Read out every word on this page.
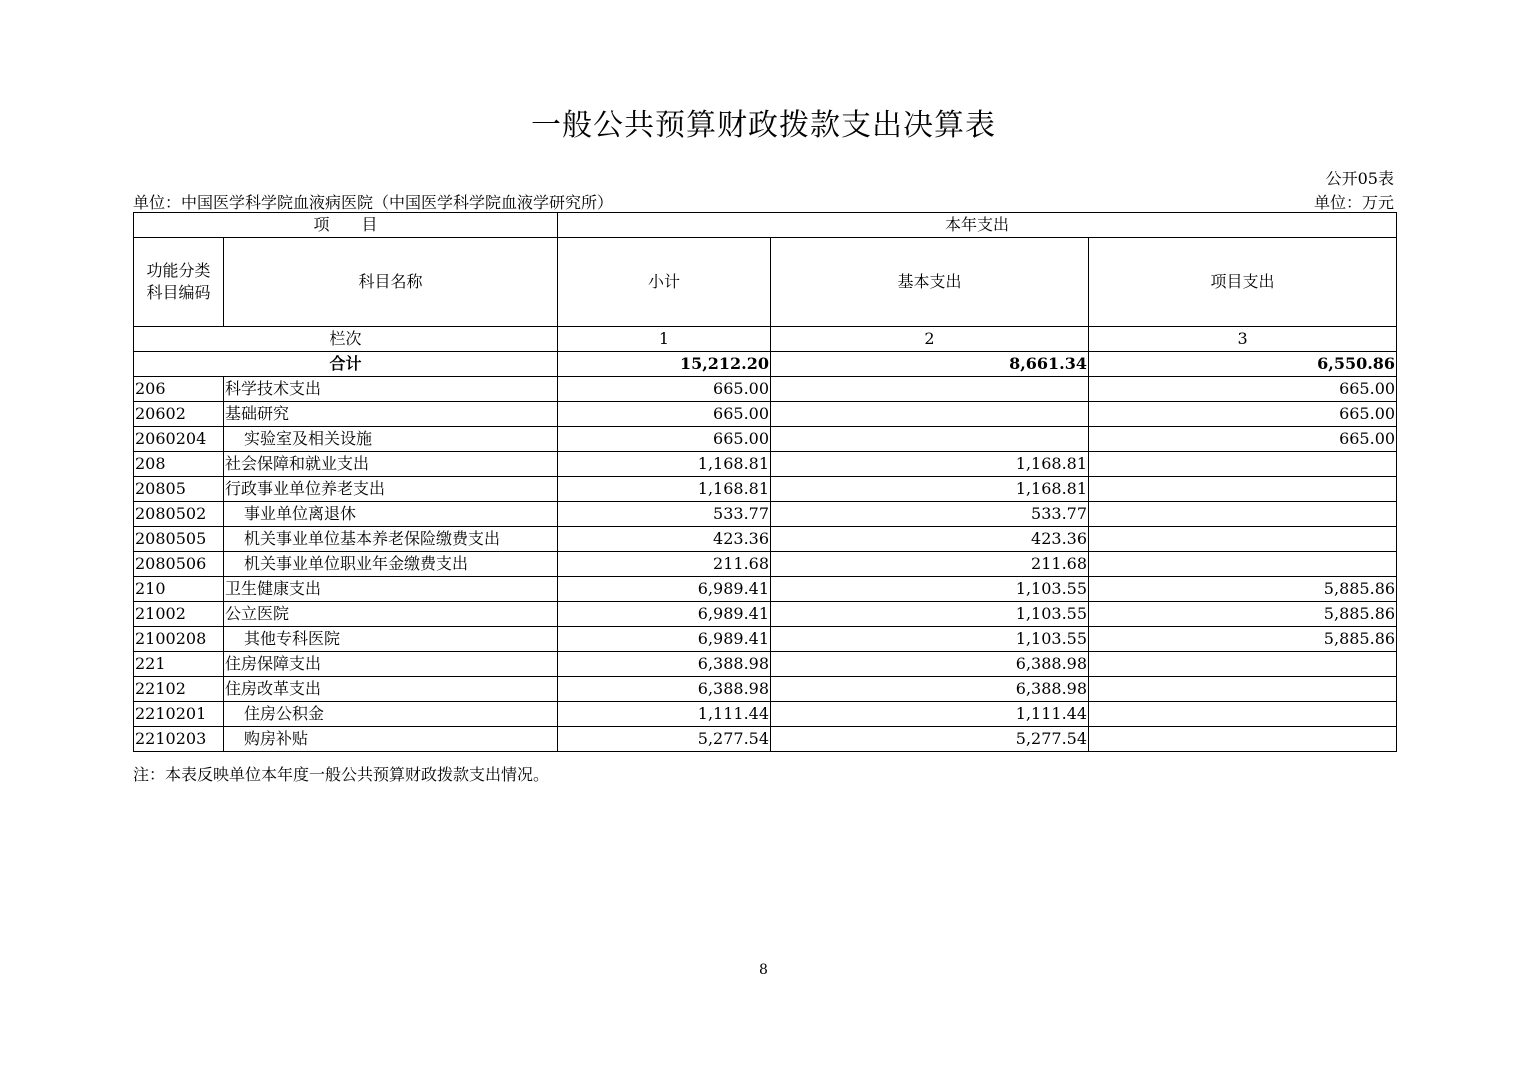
一般公共预算财政拨款支出决算表
公开05表
单位：中国医学科学院血液病医院（中国医学科学院血液学研究所）	单位：万元
项　　目		本年支出		
功能分类
科目编码	科目名称	小计	基本支出	项目支出
栏次		1	2	3
合计		15,212.20	8,661.34	6,550.86
206	科学技术支出	665.00		665.00
20602	基础研究	665.00		665.00
2060204	实验室及相关设施	665.00		665.00
208	社会保障和就业支出	1,168.81	1,168.81	
20805	行政事业单位养老支出	1,168.81	1,168.81	
2080502	事业单位离退休	533.77	533.77	
2080505	机关事业单位基本养老保险缴费支出	423.36	423.36	
2080506	机关事业单位职业年金缴费支出	211.68	211.68	
210	卫生健康支出	6,989.41	1,103.55	5,885.86
21002	公立医院	6,989.41	1,103.55	5,885.86
2100208	其他专科医院	6,989.41	1,103.55	5,885.86
221	住房保障支出	6,388.98	6,388.98	
22102	住房改革支出	6,388.98	6,388.98	
2210201	住房公积金	1,111.44	1,111.44	
2210203	购房补贴	5,277.54	5,277.54	
注：本表反映单位本年度一般公共预算财政拨款支出情况。
8
